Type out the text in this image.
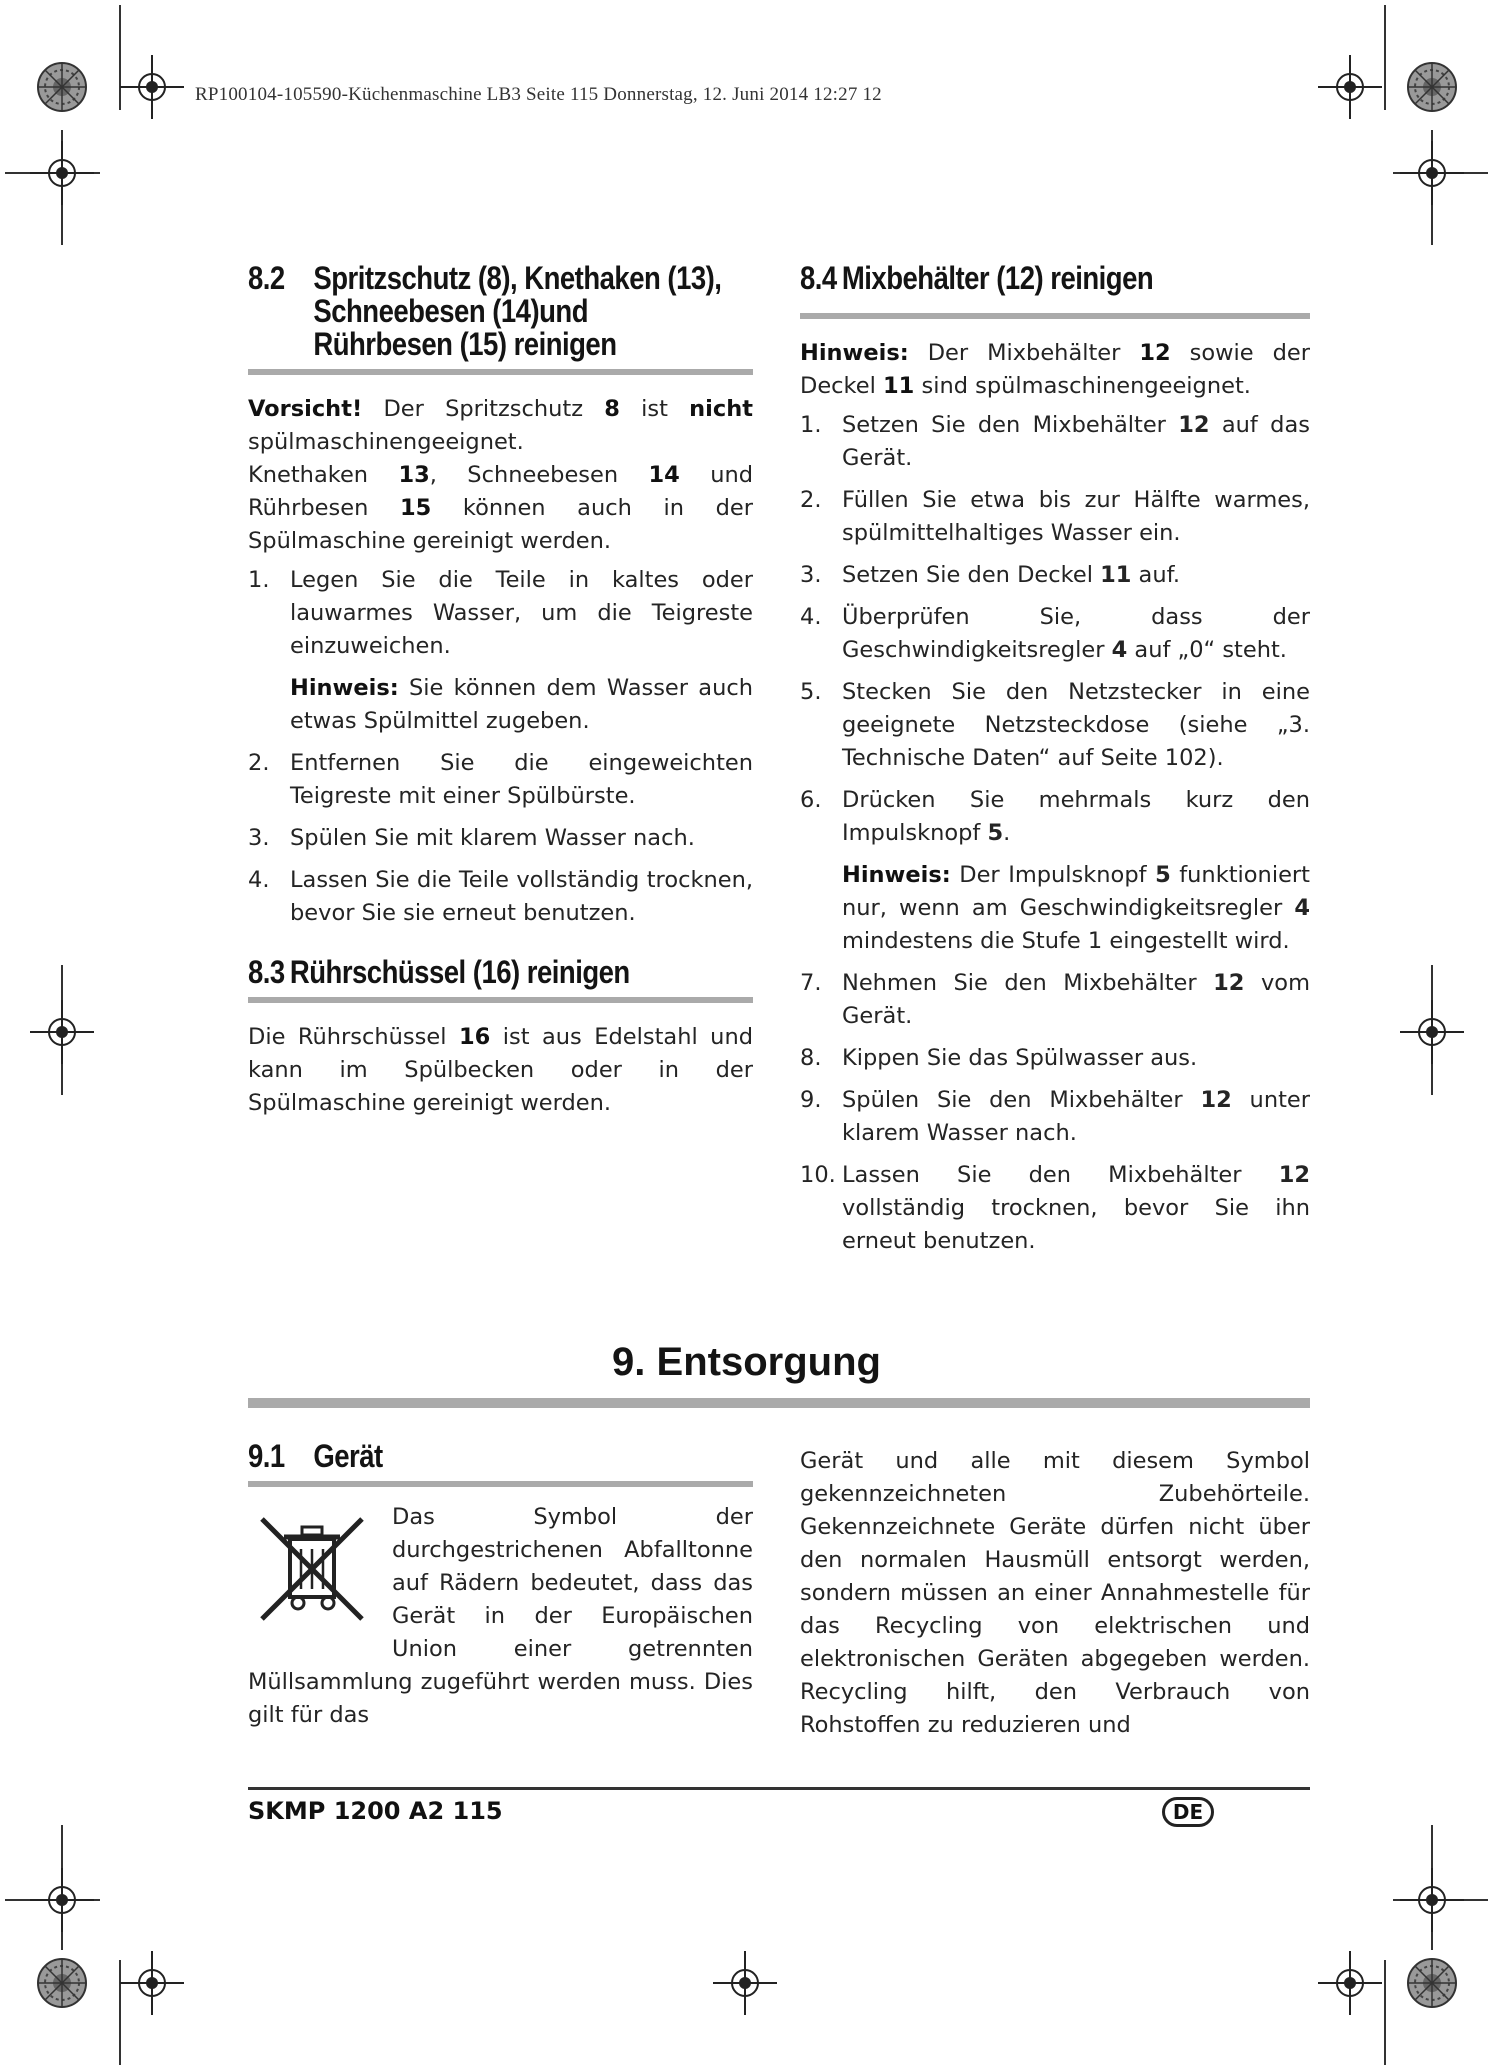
RP100104-105590-Küchenmaschine LB3 Seite 115 Donnerstag, 12. Juni 2014 12:27 12
8.2 Spritzschutz (8), Knethaken (13),
Schneebesen (14)und
Rührbesen (15) reinigen

Vorsicht! Der Spritzschutz 8 ist nicht spülmaschinengeeignet.

Knethaken 13, Schneebesen 14 und Rührbesen 15 können auch in der Spülmaschine gereinigt werden.

1. Legen Sie die Teile in kaltes oder lauwarmes Wasser, um die Teigreste einzuweichen.

Hinweis: Sie können dem Wasser auch etwas Spülmittel zugeben.

2. Entfernen Sie die eingeweichten Teigreste mit einer Spülbürste.
3. Spülen Sie mit klarem Wasser nach.
4. Lassen Sie die Teile vollständig trocknen, bevor Sie sie erneut benutzen.
8.3 Rührschüssel (16) reinigen

Die Rührschüssel 16 ist aus Edelstahl und kann im Spülbecken oder in der Spülmaschine gereinigt werden.

8.4 Mixbehälter (12) reinigen

Hinweis: Der Mixbehälter 12 sowie der Deckel 11 sind spülmaschinengeeignet.

1. Setzen Sie den Mixbehälter 12 auf das Gerät.
2. Füllen Sie etwa bis zur Hälfte warmes, spülmittelhaltiges Wasser ein.
3. Setzen Sie den Deckel 11 auf.
4. Überprüfen Sie, dass der Geschwindigkeitsregler 4 auf „0“ steht.
5. Stecken Sie den Netzstecker in eine geeignete Netzsteckdose (siehe „3. Technische Daten“ auf Seite 102).
6. Drücken Sie mehrmals kurz den Impulsknopf 5.

Hinweis: Der Impulsknopf 5 funktioniert nur, wenn am Geschwindigkeitsregler 4 mindestens die Stufe 1 eingestellt wird.

7. Nehmen Sie den Mixbehälter 12 vom Gerät.
8. Kippen Sie das Spülwasser aus.
9. Spülen Sie den Mixbehälter 12 unter klarem Wasser nach.
10. Lassen Sie den Mixbehälter 12 vollständig trocknen, bevor Sie ihn erneut benutzen.
9. Entsorgung
9.1 Gerät

Das Symbol der durchgestrichenen Abfalltonne auf Rädern bedeutet, dass das Gerät in der Europäischen Union einer getrennten Müllsammlung zugeführt werden muss. Dies gilt für das

Gerät und alle mit diesem Symbol gekennzeichneten Zubehörteile. Gekennzeichnete Geräte dürfen nicht über den normalen Hausmüll entsorgt werden, sondern müssen an einer Annahmestelle für das Recycling von elektrischen und elektronischen Geräten abgegeben werden. Recycling hilft, den Verbrauch von Rohstoffen zu reduzieren und

SKMP 1200 A2 115	DE
